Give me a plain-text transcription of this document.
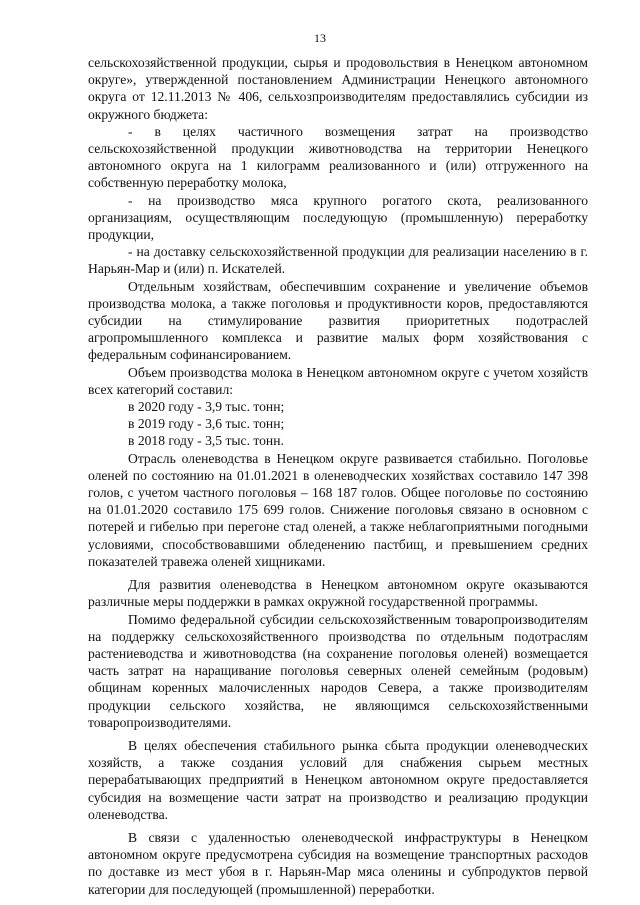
13

сельскохозяйственной продукции, сырья и продовольствия в Ненецком автономном округе», утвержденной постановлением Администрации Ненецкого автономного округа от 12.11.2013 № 406, сельхозпроизводителям предоставлялись субсидии из окружного бюджета:

- в целях частичного возмещения затрат на производство сельскохозяйственной продукции животноводства на территории Ненецкого автономного округа на 1 килограмм реализованного и (или) отгруженного на собственную переработку молока,

- на производство мяса крупного рогатого скота, реализованного организациям, осуществляющим последующую (промышленную) переработку продукции,

- на доставку сельскохозяйственной продукции для реализации населению в г. Нарьян-Мар и (или) п. Искателей.

Отдельным хозяйствам, обеспечившим сохранение и увеличение объемов производства молока, а также поголовья и продуктивности коров, предоставляются субсидии на стимулирование развития приоритетных подотраслей агропромышленного комплекса и развитие малых форм хозяйствования с федеральным софинансированием.

Объем производства молока в Ненецком автономном округе с учетом хозяйств всех категорий составил:

в 2020 году - 3,9 тыс. тонн;

в 2019 году - 3,6 тыс. тонн;

в 2018 году - 3,5 тыс. тонн.

Отрасль оленеводства в Ненецком округе развивается стабильно. Поголовье оленей по состоянию на 01.01.2021 в оленеводческих хозяйствах составило 147 398 голов, с учетом частного поголовья – 168 187 голов. Общее поголовье по состоянию на 01.01.2020 составило 175 699 голов. Снижение поголовья связано в основном с потерей и гибелью при перегоне стад оленей, а также неблагоприятными погодными условиями, способствовавшими обледенению пастбищ, и превышением средних показателей травежа оленей хищниками.

Для развития оленеводства в Ненецком автономном округе оказываются различные меры поддержки в рамках окружной государственной программы.

Помимо федеральной субсидии сельскохозяйственным товаропроизводителям на поддержку сельскохозяйственного производства по отдельным подотраслям растениеводства и животноводства (на сохранение поголовья оленей) возмещается часть затрат на наращивание поголовья северных оленей семейным (родовым) общинам коренных малочисленных народов Севера, а также производителям продукции сельского хозяйства, не являющимся сельскохозяйственными товаропроизводителями.

В целях обеспечения стабильного рынка сбыта продукции оленеводческих хозяйств, а также создания условий для снабжения сырьем местных перерабатывающих предприятий в Ненецком автономном округе предоставляется субсидия на возмещение части затрат на производство и реализацию продукции оленеводства.

В связи с удаленностью оленеводческой инфраструктуры в Ненецком автономном округе предусмотрена субсидия на возмещение транспортных расходов по доставке из мест убоя в г. Нарьян-Мар мяса оленины и субпродуктов первой категории для последующей (промышленной) переработки.
